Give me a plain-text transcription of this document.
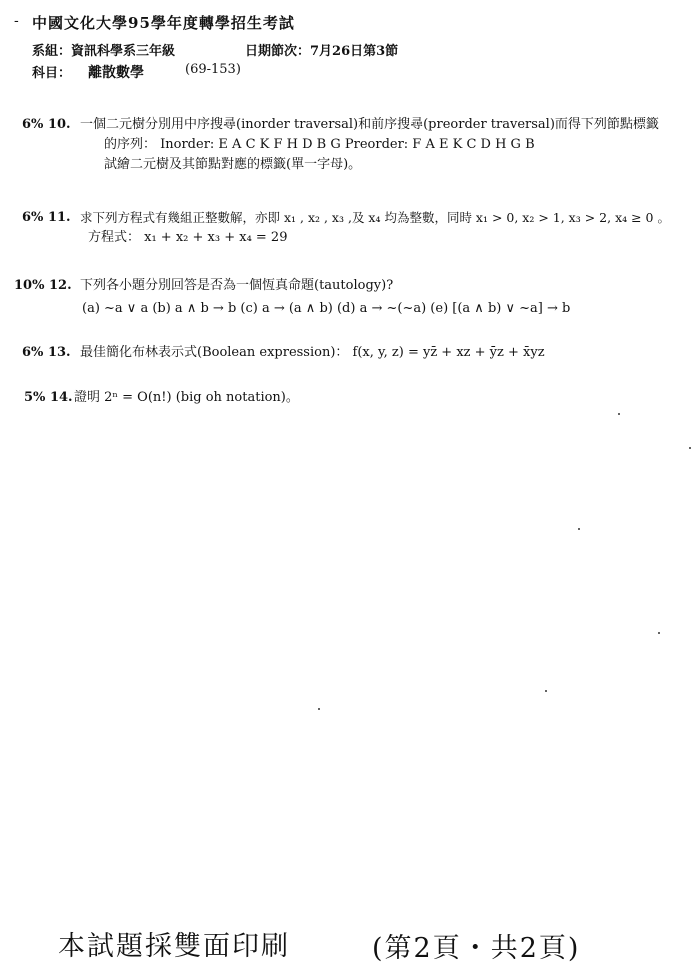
- 中國文化大學95學年度轉學招生考試
系組：資訊科學系三年級	日期節次：7月26日第3節
科目： 離散數學	(69-153)
6% 10. 一個二元樹分別用中序搜尋(inorder traversal)和前序搜尋(preorder traversal)而得下列節點標籤
的序列： Inorder: E A C K F H D B G Preorder: F A E K C D H G B
試繪二元樹及其節點對應的標籤(單一字母)。
6% 11. 求下列方程式有幾組正整數解，亦即 x₁ , x₂ , x₃ ,及 x₄ 均為整數，同時 x₁ > 0, x₂ > 1, x₃ > 2, x₄ ≥ 0 。
方程式： x₁ + x₂ + x₃ + x₄ = 29
10% 12. 下列各小題分別回答是否為一個恆真命題(tautology)?
(a) ~a ∨ a (b) a ∧ b → b (c) a → (a ∧ b) (d) a → ~(~a) (e) [(a ∧ b) ∨ ~a] → b
6% 13. 最佳簡化布林表示式(Boolean expression)： f(x, y, z) = yz̄ + xz + ȳz + x̄yz
5% 14. 證明 2ⁿ = O(n!) (big oh notation)。
本試題採雙面印刷	(第2頁・共2頁)
